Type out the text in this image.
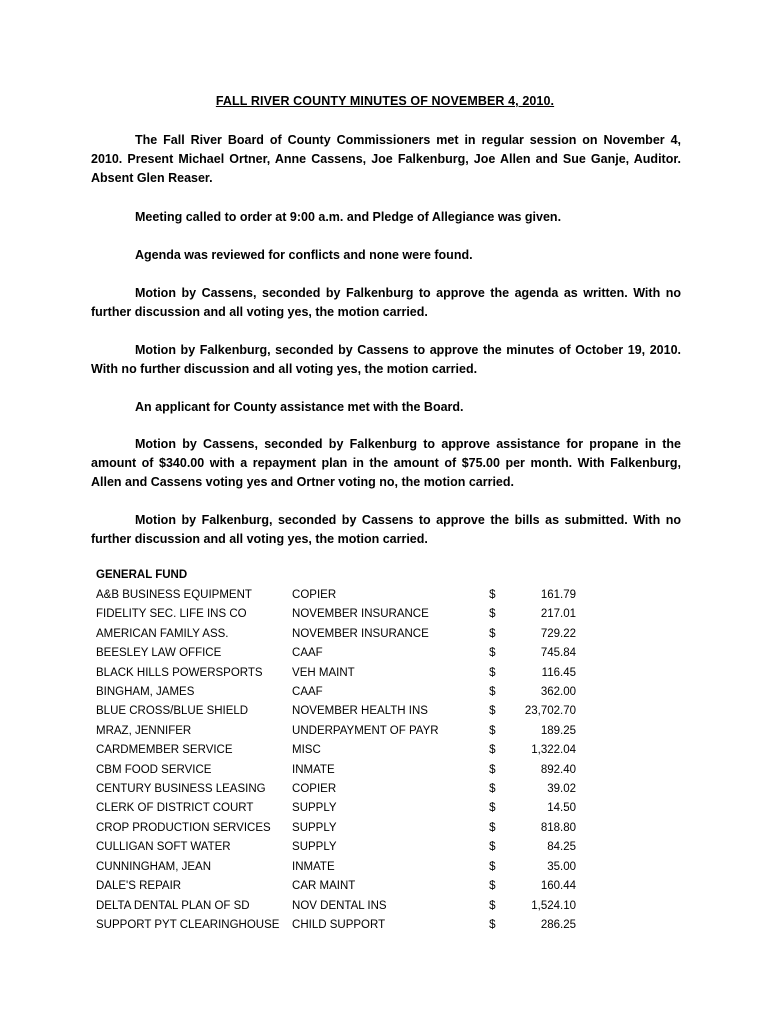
FALL RIVER COUNTY MINUTES OF NOVEMBER 4, 2010.

The Fall River Board of County Commissioners met in regular session on November 4, 2010. Present Michael Ortner, Anne Cassens, Joe Falkenburg, Joe Allen and Sue Ganje, Auditor. Absent Glen Reaser.

Meeting called to order at 9:00 a.m. and Pledge of Allegiance was given.

Agenda was reviewed for conflicts and none were found.

Motion by Cassens, seconded by Falkenburg to approve the agenda as written. With no further discussion and all voting yes, the motion carried.

Motion by Falkenburg, seconded by Cassens to approve the minutes of October 19, 2010. With no further discussion and all voting yes, the motion carried.

An applicant for County assistance met with the Board.

Motion by Cassens, seconded by Falkenburg to approve assistance for propane in the amount of $340.00 with a repayment plan in the amount of $75.00 per month. With Falkenburg, Allen and Cassens voting yes and Ortner voting no, the motion carried.

Motion by Falkenburg, seconded by Cassens to approve the bills as submitted. With no further discussion and all voting yes, the motion carried.

GENERAL FUND
A&B BUSINESS EQUIPMENT	COPIER	$	161.79
FIDELITY SEC. LIFE INS CO	NOVEMBER INSURANCE	$	217.01
AMERICAN FAMILY ASS.	NOVEMBER INSURANCE	$	729.22
BEESLEY LAW OFFICE	CAAF	$	745.84
BLACK HILLS POWERSPORTS	VEH MAINT	$	116.45
BINGHAM, JAMES	CAAF	$	362.00
BLUE CROSS/BLUE SHIELD	NOVEMBER HEALTH INS	$	23,702.70
MRAZ, JENNIFER	UNDERPAYMENT OF PAYR	$	189.25
CARDMEMBER SERVICE	MISC	$	1,322.04
CBM FOOD SERVICE	INMATE	$	892.40
CENTURY BUSINESS LEASING	COPIER	$	39.02
CLERK OF DISTRICT COURT	SUPPLY	$	14.50
CROP PRODUCTION SERVICES	SUPPLY	$	818.80
CULLIGAN SOFT WATER	SUPPLY	$	84.25
CUNNINGHAM, JEAN	INMATE	$	35.00
DALE'S REPAIR	CAR MAINT	$	160.44
DELTA DENTAL PLAN OF SD	NOV DENTAL INS	$	1,524.10
SUPPORT PYT CLEARINGHOUSE	CHILD SUPPORT	$	286.25
